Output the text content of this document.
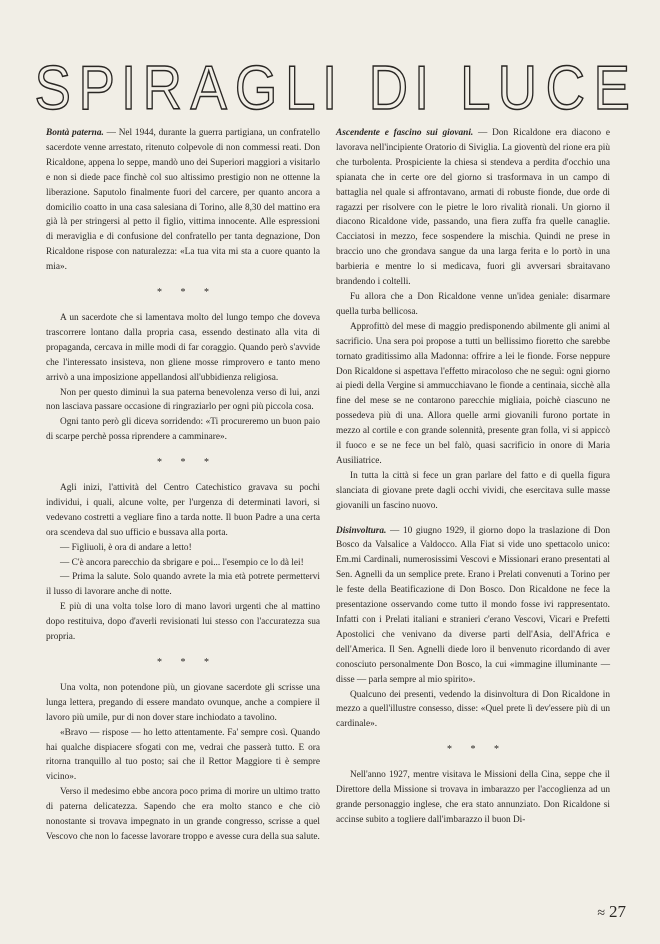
S P I R A G L I D I L U C E

Bontà paterna. — Nel 1944, durante la guerra partigiana, un confratello sacerdote venne arrestato, ritenuto colpevole di non commessi reati. Don Ricaldone, appena lo seppe, mandò uno dei Superiori maggiori a visitarlo e non si diede pace finchè col suo altissimo prestigio non ne ottenne la liberazione. Saputolo finalmente fuori del carcere, per quanto ancora a domicilio coatto in una casa salesiana di Torino, alle 8,30 del mattino era già là per stringersi al petto il figlio, vittima innocente. Alle espressioni di meraviglia e di confusione del confratello per tanta degnazione, Don Ricaldone rispose con naturalezza: «La tua vita mi sta a cuore quanto la mia».

* * *

A un sacerdote che si lamentava molto del lungo tempo che doveva trascorrere lontano dalla propria casa, essendo destinato alla vita di propaganda, cercava in mille modi di far coraggio. Quando però s'avvide che l'interessato insisteva, non gliene mosse rimprovero e tanto meno arrivò a una imposizione appellandosi all'ubbidienza religiosa.

Non per questo diminuì la sua paterna benevolenza verso di lui, anzi non lasciava passare occasione di ringraziarlo per ogni più piccola cosa.

Ogni tanto però gli diceva sorridendo: «Ti procureremo un buon paio di scarpe perchè possa riprendere a camminare».

* * *

Agli inizi, l'attività del Centro Catechistico gravava su pochi individui, i quali, alcune volte, per l'urgenza di determinati lavori, si vedevano costretti a vegliare fino a tarda notte. Il buon Padre a una certa ora scendeva dal suo ufficio e bussava alla porta.

— Figliuoli, è ora di andare a letto!

— C'è ancora parecchio da sbrigare e poi... l'esempio ce lo dà lei!

— Prima la salute. Solo quando avrete la mia età potrete permettervi il lusso di lavorare anche di notte.

E più di una volta tolse loro di mano lavori urgenti che al mattino dopo restituiva, dopo d'averli revisionati lui stesso con l'accuratezza sua propria.

* * *

Una volta, non potendone più, un giovane sacerdote gli scrisse una lunga lettera, pregando di essere mandato ovunque, anche a compiere il lavoro più umile, pur di non dover stare inchiodato a tavolino.

«Bravo — rispose — ho letto attentamente. Fa' sempre così. Quando hai qualche dispiacere sfogati con me, vedrai che passerà tutto. E ora ritorna tranquillo al tuo posto; sai che il Rettor Maggiore ti è sempre vicino».

Verso il medesimo ebbe ancora poco prima di morire un ultimo tratto di paterna delicatezza. Sapendo che era molto stanco e che ciò nonostante si trovava impegnato in un grande congresso, scrisse a quel Vescovo che non lo facesse lavorare troppo e avesse cura della sua salute.

Ascendente e fascino sui giovani. — Don Ricaldone era diacono e lavorava nell'incipiente Oratorio di Siviglia. La gioventù del rione era più che turbolenta. Prospiciente la chiesa si stendeva a perdita d'occhio una spianata che in certe ore del giorno si trasformava in un campo di battaglia nel quale si affrontavano, armati di robuste fionde, due orde di ragazzi per risolvere con le pietre le loro rivalità rionali. Un giorno il diacono Ricaldone vide, passando, una fiera zuffa fra quelle canaglie. Cacciatosi in mezzo, fece sospendere la mischia. Quindi ne prese in braccio uno che grondava sangue da una larga ferita e lo portò in una barbieria e mentre lo si medicava, fuori gli avversari sbraitavano brandendo i coltelli.

Fu allora che a Don Ricaldone venne un'idea geniale: disarmare quella turba bellicosa.

Approfittò del mese di maggio predisponendo abilmente gli animi al sacrificio. Una sera poi propose a tutti un bellissimo fioretto che sarebbe tornato graditissimo alla Madonna: offrire a lei le fionde. Forse neppure Don Ricaldone si aspettava l'effetto miracoloso che ne seguì: ogni giorno ai piedi della Vergine si ammucchiavano le fionde a centinaia, sicchè alla fine del mese se ne contarono parecchie migliaia, poichè ciascuno ne possedeva più di una. Allora quelle armi giovanili furono portate in mezzo al cortile e con grande solennità, presente gran folla, vi si appiccò il fuoco e se ne fece un bel falò, quasi sacrificio in onore di Maria Ausiliatrice.

In tutta la città si fece un gran parlare del fatto e di quella figura slanciata di giovane prete dagli occhi vividi, che esercitava sulle masse giovanili un fascino nuovo.

Disinvoltura. — 10 giugno 1929, il giorno dopo la traslazione di Don Bosco da Valsalice a Valdocco. Alla Fiat si vide uno spettacolo unico: Em.mi Cardinali, numerosissimi Vescovi e Missionari erano presentati al Sen. Agnelli da un semplice prete. Erano i Prelati convenuti a Torino per le feste della Beatificazione di Don Bosco. Don Ricaldone ne fece la presentazione osservando come tutto il mondo fosse ivi rappresentato. Infatti con i Prelati italiani e stranieri c'erano Vescovi, Vicari e Prefetti Apostolici che venivano da diverse parti dell'Asia, dell'Africa e dell'America. Il Sen. Agnelli diede loro il benvenuto ricordando di aver conosciuto personalmente Don Bosco, la cui «immagine illuminante — disse — parla sempre al mio spirito».

Qualcuno dei presenti, vedendo la disinvoltura di Don Ricaldone in mezzo a quell'illustre consesso, disse: «Quel prete lì dev'essere più di un cardinale».

* * *

Nell'anno 1927, mentre visitava le Missioni della Cina, seppe che il Direttore della Missione si trovava in imbarazzo per l'accoglienza ad un grande personaggio inglese, che era stato annunziato. Don Ricaldone si accinse subito a togliere dall'imbarazzo il buon Di-

≈ 27
